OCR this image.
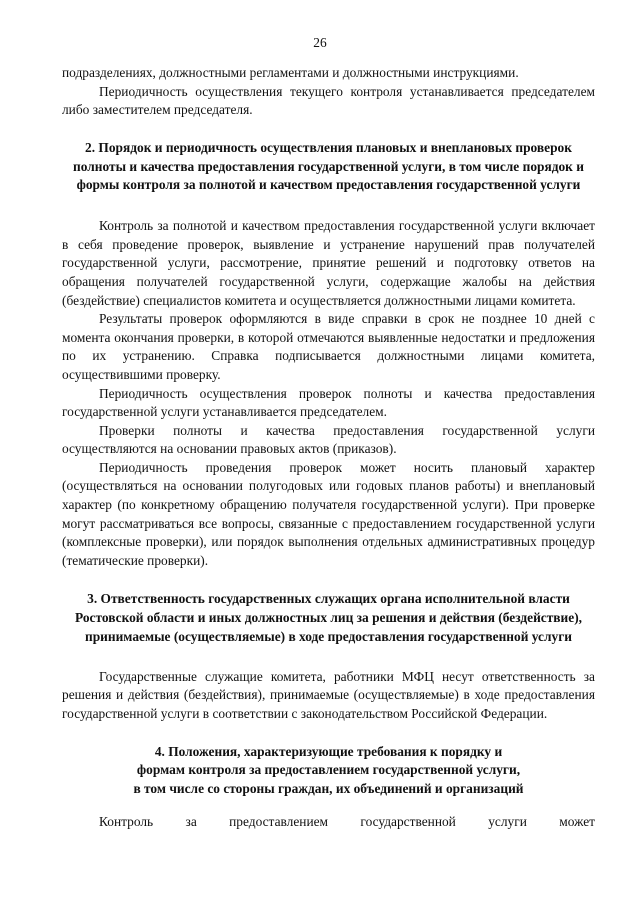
26

подразделениях, должностными регламентами и должностными инструкциями.

Периодичность осуществления текущего контроля устанавливается председателем либо заместителем председателя.

2. Порядок и периодичность осуществления плановых и внеплановых проверок полноты и качества предоставления государственной услуги, в том числе порядок и формы контроля за полнотой и качеством предоставления государственной услуги

Контроль за полнотой и качеством предоставления государственной услуги включает в себя проведение проверок, выявление и устранение нарушений прав получателей государственной услуги, рассмотрение, принятие решений и подготовку ответов на обращения получателей государственной услуги, содержащие жалобы на действия (бездействие) специалистов комитета и осуществляется должностными лицами комитета.

Результаты проверок оформляются в виде справки в срок не позднее 10 дней с момента окончания проверки, в которой отмечаются выявленные недостатки и предложения по их устранению. Справка подписывается должностными лицами комитета, осуществившими проверку.

Периодичность осуществления проверок полноты и качества предоставления государственной услуги устанавливается председателем.

Проверки полноты и качества предоставления государственной услуги осуществляются на основании правовых актов (приказов).

Периодичность проведения проверок может носить плановый характер (осуществляться на основании полугодовых или годовых планов работы) и внеплановый характер (по конкретному обращению получателя государственной услуги). При проверке могут рассматриваться все вопросы, связанные с предоставлением государственной услуги (комплексные проверки), или порядок выполнения отдельных административных процедур (тематические проверки).

3. Ответственность государственных служащих органа исполнительной власти Ростовской области и иных должностных лиц за решения и действия (бездействие), принимаемые (осуществляемые) в ходе предоставления государственной услуги

Государственные служащие комитета, работники МФЦ несут ответственность за решения и действия (бездействия), принимаемые (осуществляемые) в ходе предоставления государственной услуги в соответствии с законодательством Российской Федерации.

4. Положения, характеризующие требования к порядку и
формам контроля за предоставлением государственной услуги,
в том числе со стороны граждан, их объединений и организаций

Контроль за предоставлением государственной услуги может
